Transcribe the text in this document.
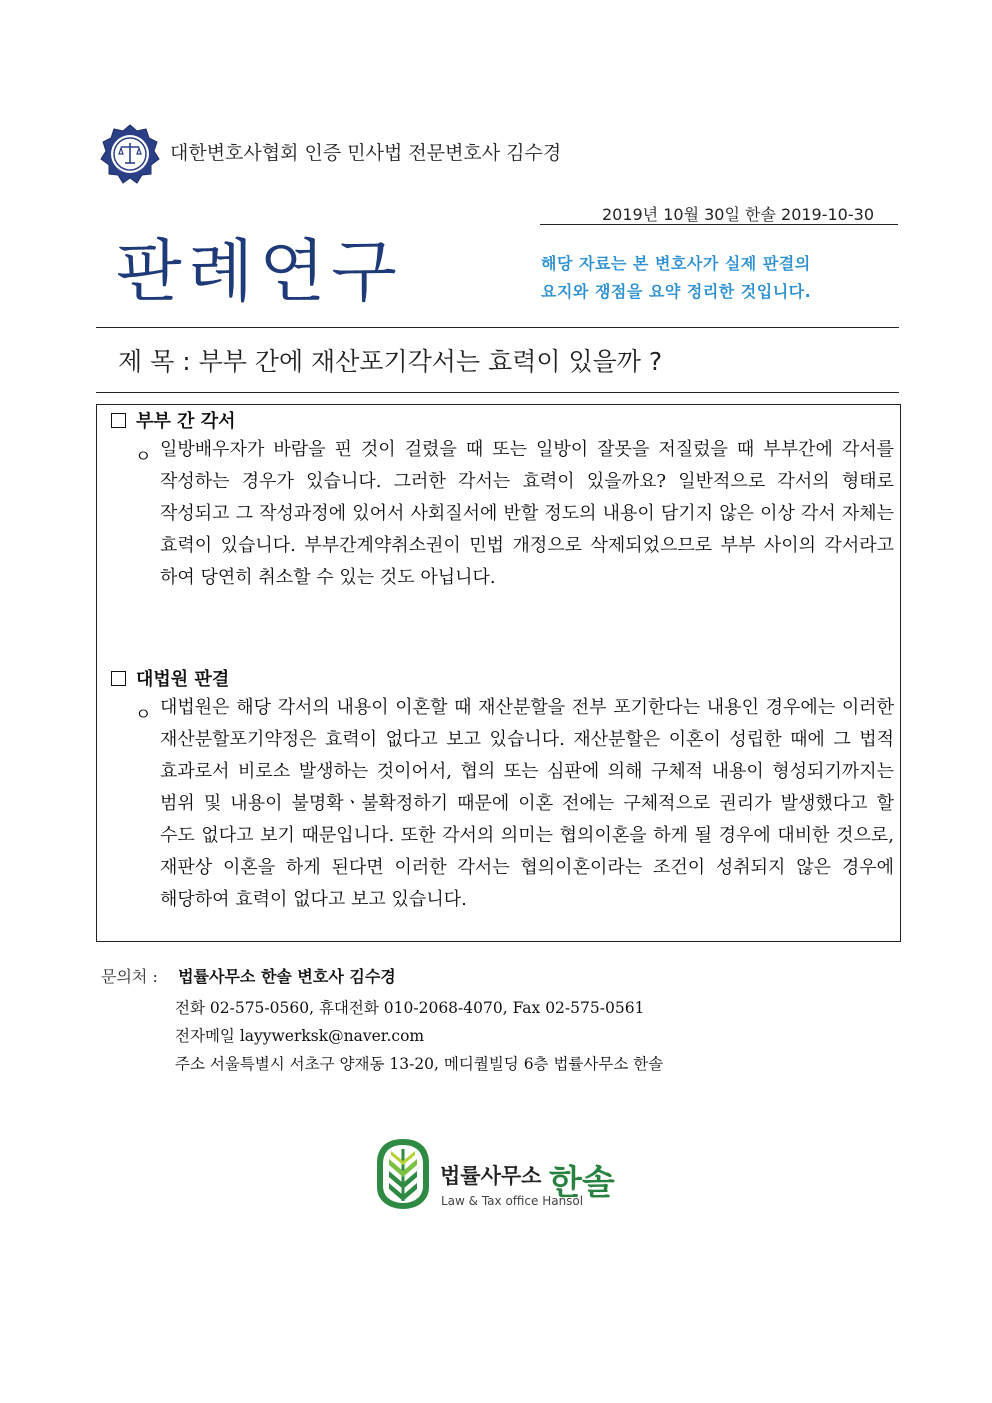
대한변호사협회 인증 민사법 전문변호사 김수경
2019년 10월 30일 한솔 2019-10-30
판례연구	해당 자료는 본 변호사가 실제 판결의
요지와 쟁점을 요약 정리한 것입니다.
제 목 : 부부 간에 재산포기각서는 효력이 있을까 ?
부부 간 각서
ㅇ 일방배우자가 바람을 핀 것이 걸렸을 때 또는 일방이 잘못을 저질렀을 때 부부간에 각서를 작성하는 경우가 있습니다. 그러한 각서는 효력이 있을까요? 일반적으로 각서의 형태로 작성되고 그 작성과정에 있어서 사회질서에 반할 정도의 내용이 담기지 않은 이상 각서 자체는 효력이 있습니다. 부부간계약취소권이 민법 개정으로 삭제되었으므로 부부 사이의 각서라고 하여 당연히 취소할 수 있는 것도 아닙니다.
대법원 판결
ㅇ 대법원은 해당 각서의 내용이 이혼할 때 재산분할을 전부 포기한다는 내용인 경우에는 이러한 재산분할포기약정은 효력이 없다고 보고 있습니다. 재산분할은 이혼이 성립한 때에 그 법적 효과로서 비로소 발생하는 것이어서, 협의 또는 심판에 의해 구체적 내용이 형성되기까지는 범위 및 내용이 불명확ㆍ불확정하기 때문에 이혼 전에는 구체적으로 권리가 발생했다고 할 수도 없다고 보기 때문입니다. 또한 각서의 의미는 협의이혼을 하게 될 경우에 대비한 것으로, 재판상 이혼을 하게 된다면 이러한 각서는 협의이혼이라는 조건이 성취되지 않은 경우에 해당하여 효력이 없다고 보고 있습니다.
문의처 : 법률사무소 한솔 변호사 김수경
전화 02-575-0560, 휴대전화 010-2068-4070, Fax 02-575-0561
전자메일 layywerksk@naver.com
주소 서울특별시 서초구 양재동 13-20, 메디퀄빌딩 6층 법률사무소 한솔
법률사무소 한솔
Law & Tax office Hansol
